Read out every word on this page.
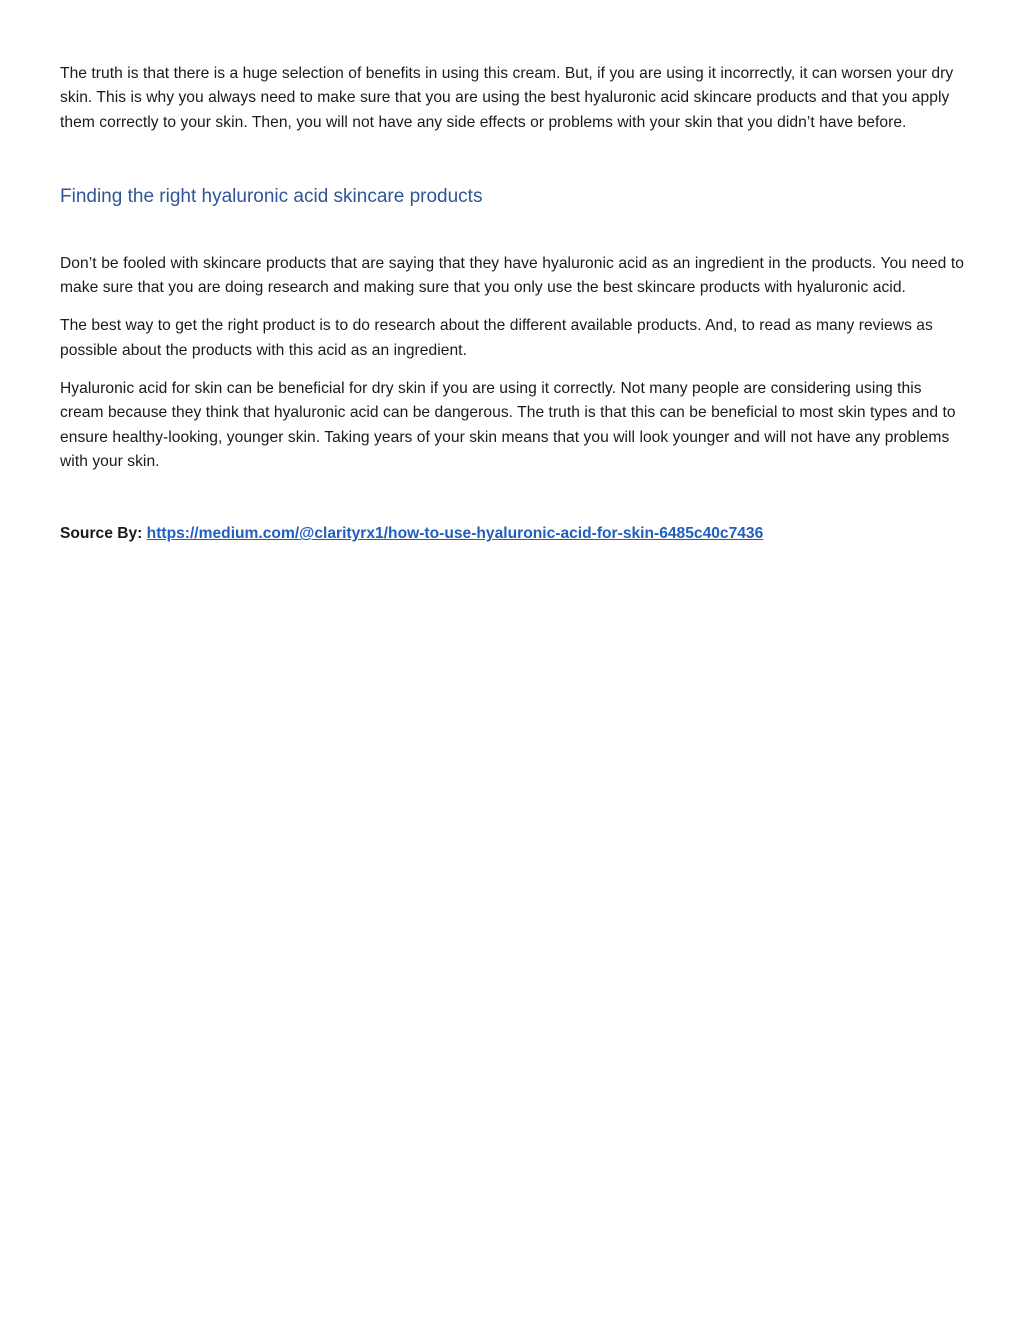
The truth is that there is a huge selection of benefits in using this cream. But, if you are using it incorrectly, it can worsen your dry skin. This is why you always need to make sure that you are using the best hyaluronic acid skincare products and that you apply them correctly to your skin. Then, you will not have any side effects or problems with your skin that you didn’t have before.

Finding the right hyaluronic acid skincare products

Don’t be fooled with skincare products that are saying that they have hyaluronic acid as an ingredient in the products. You need to make sure that you are doing research and making sure that you only use the best skincare products with hyaluronic acid.

The best way to get the right product is to do research about the different available products. And, to read as many reviews as possible about the products with this acid as an ingredient.

Hyaluronic acid for skin can be beneficial for dry skin if you are using it correctly. Not many people are considering using this cream because they think that hyaluronic acid can be dangerous. The truth is that this can be beneficial to most skin types and to ensure healthy-looking, younger skin. Taking years of your skin means that you will look younger and will not have any problems with your skin.

Source By: https://medium.com/@clarityrx1/how-to-use-hyaluronic-acid-for-skin-6485c40c7436
